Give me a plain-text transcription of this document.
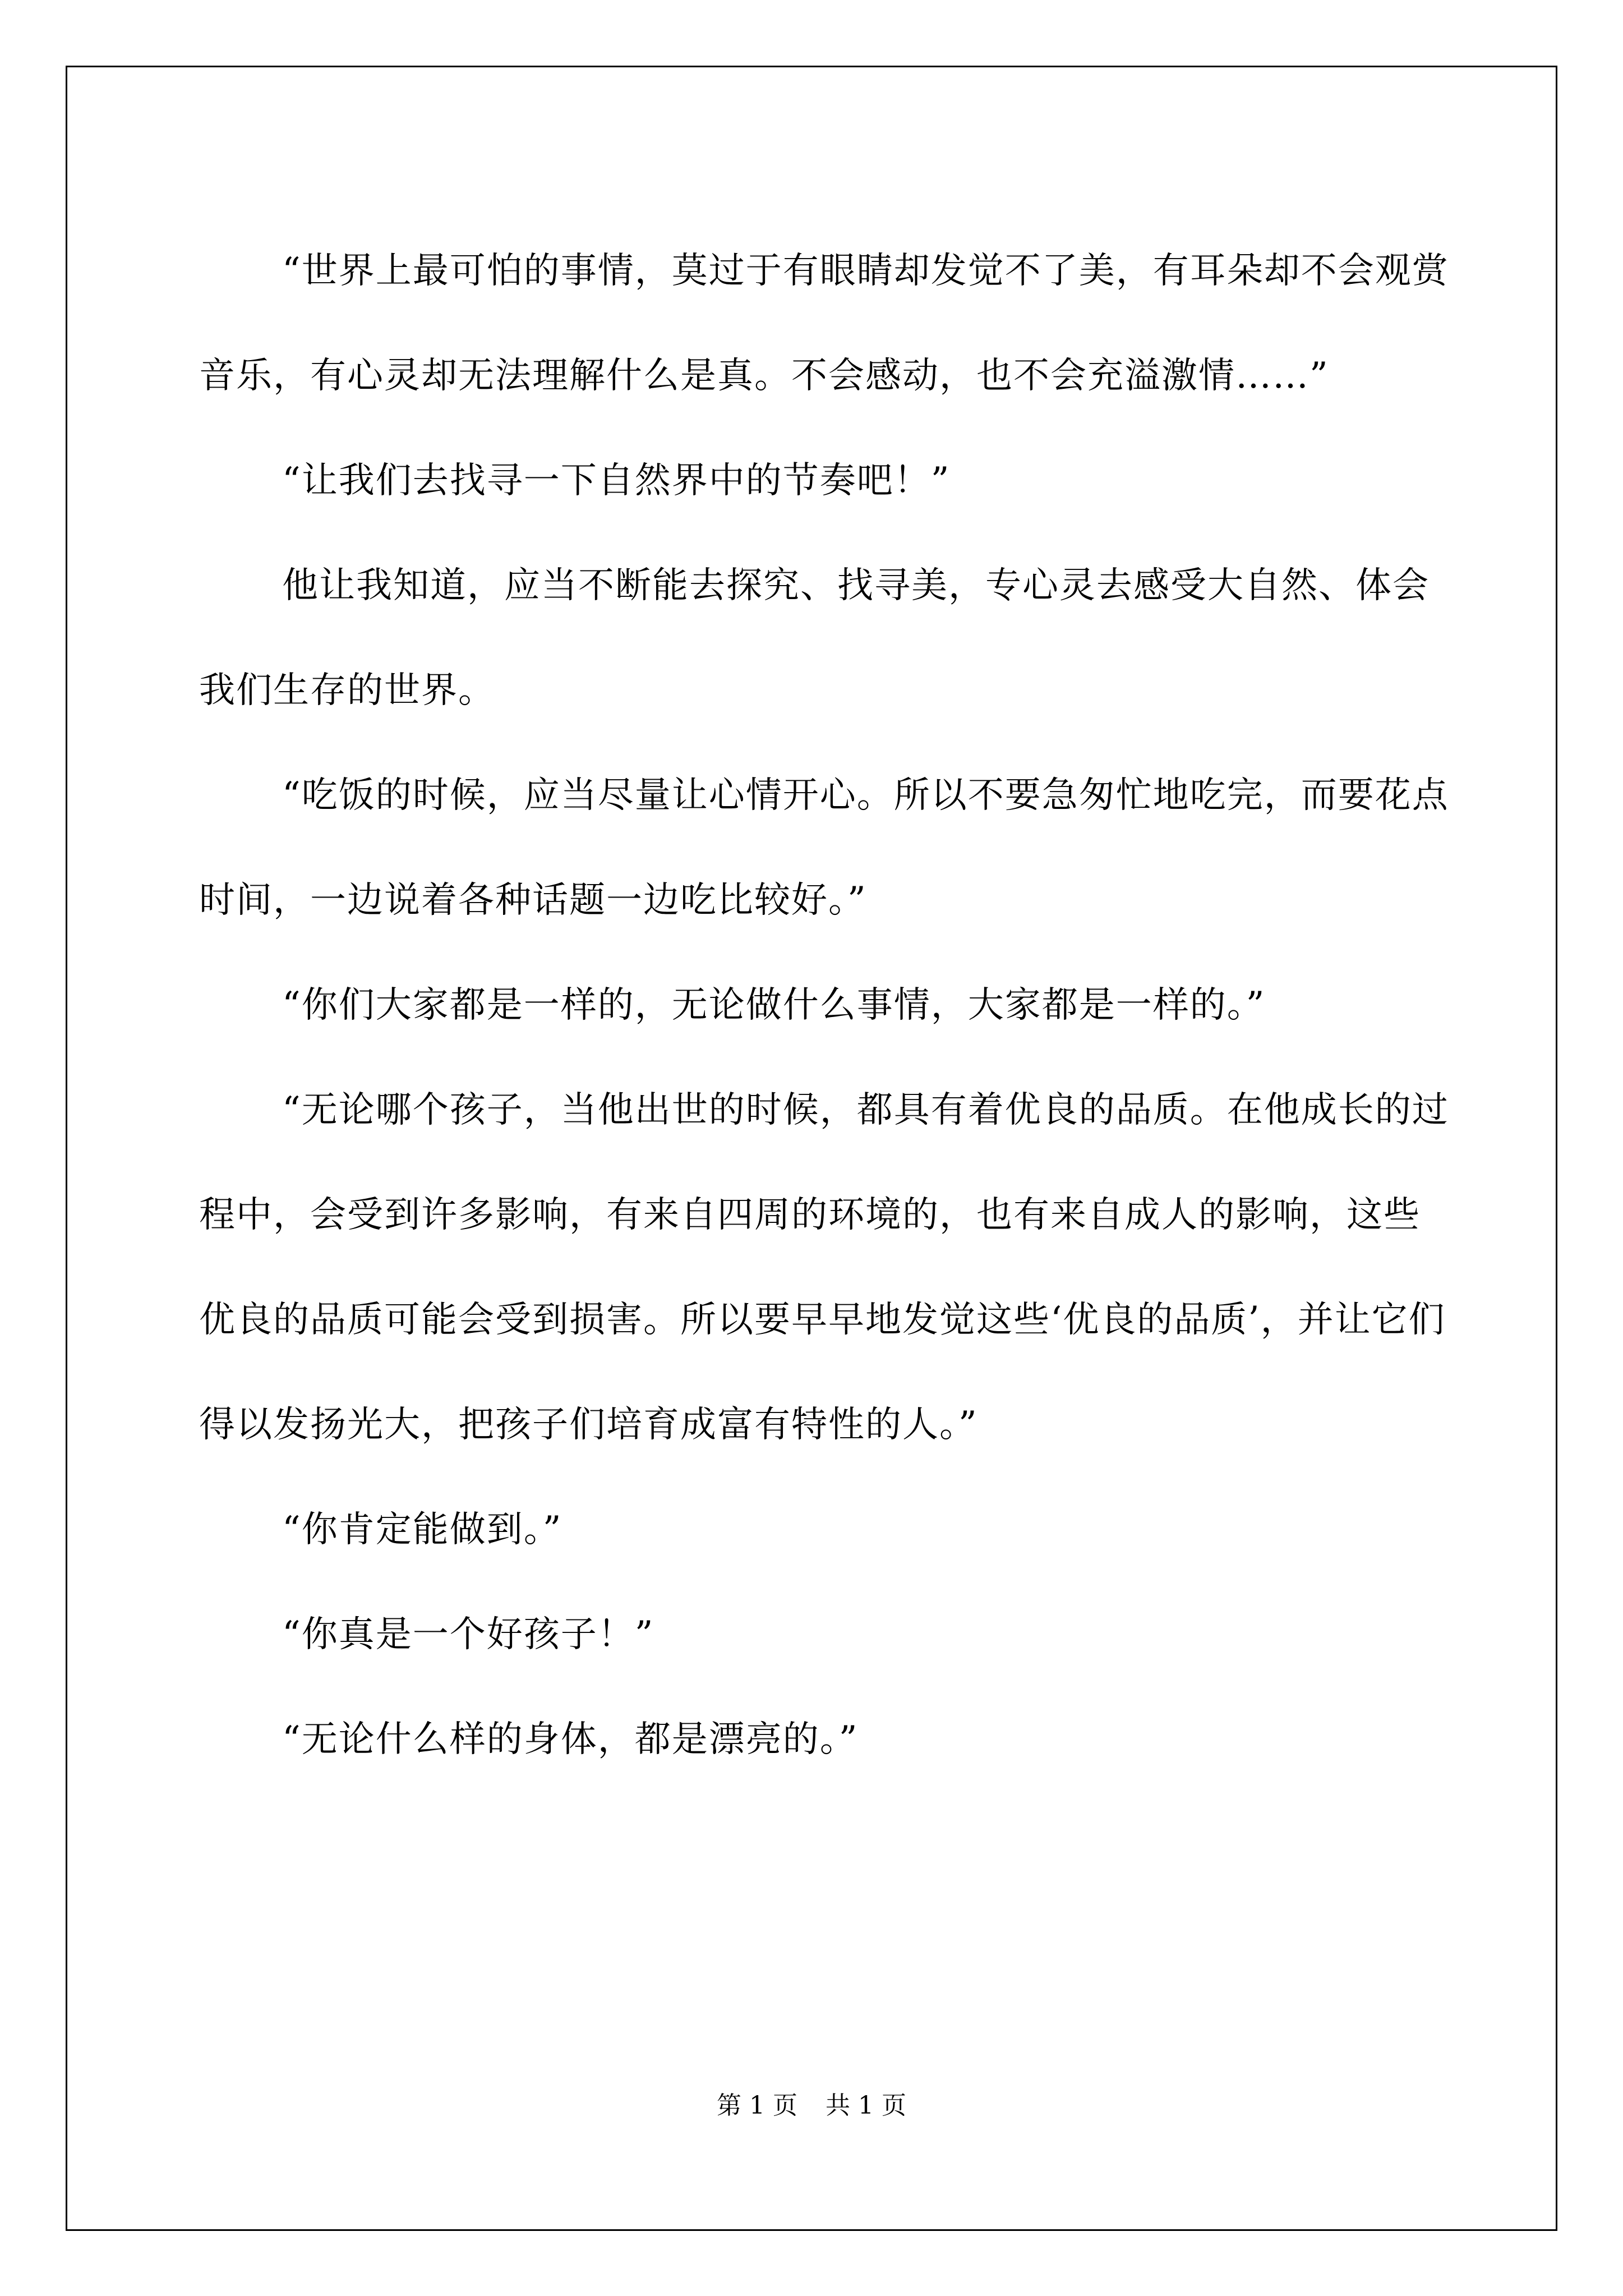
“世界上最可怕的事情，莫过于有眼睛却发觉不了美，有耳朵却不会观赏音乐，有心灵却无法理解什么是真。不会感动，也不会充溢激情……”

“让我们去找寻一下自然界中的节奏吧！”

他让我知道，应当不断能去探究、找寻美，专心灵去感受大自然、体会我们生存的世界。

“吃饭的时候，应当尽量让心情开心。所以不要急匆忙地吃完，而要花点时间，一边说着各种话题一边吃比较好。”

“你们大家都是一样的，无论做什么事情，大家都是一样的。”

“无论哪个孩子，当他出世的时候，都具有着优良的品质。在他成长的过程中，会受到许多影响，有来自四周的环境的，也有来自成人的影响，这些优良的品质可能会受到损害。所以要早早地发觉这些‘优良的品质’，并让它们得以发扬光大，把孩子们培育成富有特性的人。”

“你肯定能做到。”

“你真是一个好孩子！”

“无论什么样的身体，都是漂亮的。”

第 1 页 共 1 页
